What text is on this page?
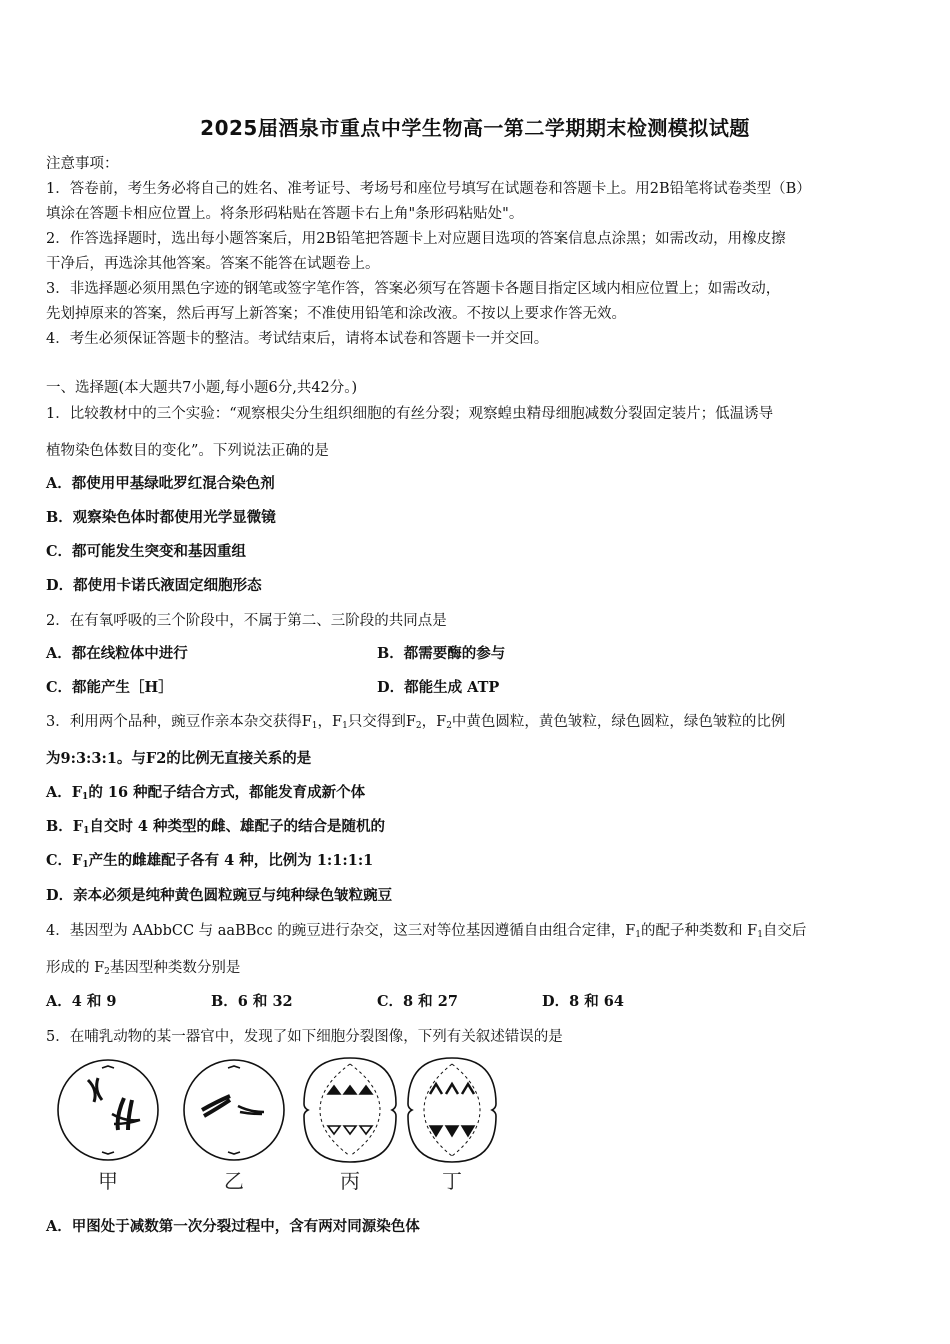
2025届酒泉市重点中学生物高一第二学期期末检测模拟试题
注意事项：
1．答卷前，考生务必将自己的姓名、准考证号、考场号和座位号填写在试题卷和答题卡上。用2B铅笔将试卷类型（B）
填涂在答题卡相应位置上。将条形码粘贴在答题卡右上角"条形码粘贴处"。
2．作答选择题时，选出每小题答案后，用2B铅笔把答题卡上对应题目选项的答案信息点涂黑；如需改动，用橡皮擦
干净后，再选涂其他答案。答案不能答在试题卷上。
3．非选择题必须用黑色字迹的钢笔或签字笔作答，答案必须写在答题卡各题目指定区域内相应位置上；如需改动，
先划掉原来的答案，然后再写上新答案；不准使用铅笔和涂改液。不按以上要求作答无效。
4．考生必须保证答题卡的整洁。考试结束后，请将本试卷和答题卡一并交回。
一、选择题(本大题共7小题,每小题6分,共42分。)
1．比较教材中的三个实验：“观察根尖分生组织细胞的有丝分裂；观察蝗虫精母细胞减数分裂固定装片；低温诱导
植物染色体数目的变化”。下列说法正确的是
A．都使用甲基绿吡罗红混合染色剂
B．观察染色体时都使用光学显微镜
C．都可能发生突变和基因重组
D．都使用卡诺氏液固定细胞形态
2．在有氧呼吸的三个阶段中，不属于第二、三阶段的共同点是
A．都在线粒体中进行	B．都需要酶的参与
C．都能产生［H］	D．都能生成 ATP
3．利用两个品种，豌豆作亲本杂交获得$F_1$，$F_1$只交得到$F_2$，$F_2$中黄色圆粒，黄色皱粒，绿色圆粒，绿色皱粒的比例
为9:3:3:1。与F2的比例无直接关系的是
A．$F_1$的 16 种配子结合方式，都能发育成新个体
B．$F_1$自交时 4 种类型的雌、雄配子的结合是随机的
C．$F_1$产生的雌雄配子各有 4 种，比例为 1:1:1:1
D．亲本必须是纯种黄色圆粒豌豆与纯种绿色皱粒豌豆
4．基因型为 AAbbCC 与 aaBBcc 的豌豆进行杂交，这三对等位基因遵循自由组合定律，$F_1$的配子种类数和 $F_1$自交后
形成的 $F_2$基因型种类数分别是
A．4 和 9	B．6 和 32	C．8 和 27	D．8 和 64
5．在哺乳动物的某一器官中，发现了如下细胞分裂图像，下列有关叙述错误的是
甲	乙	丙	丁
A．甲图处于减数第一次分裂过程中，含有两对同源染色体
